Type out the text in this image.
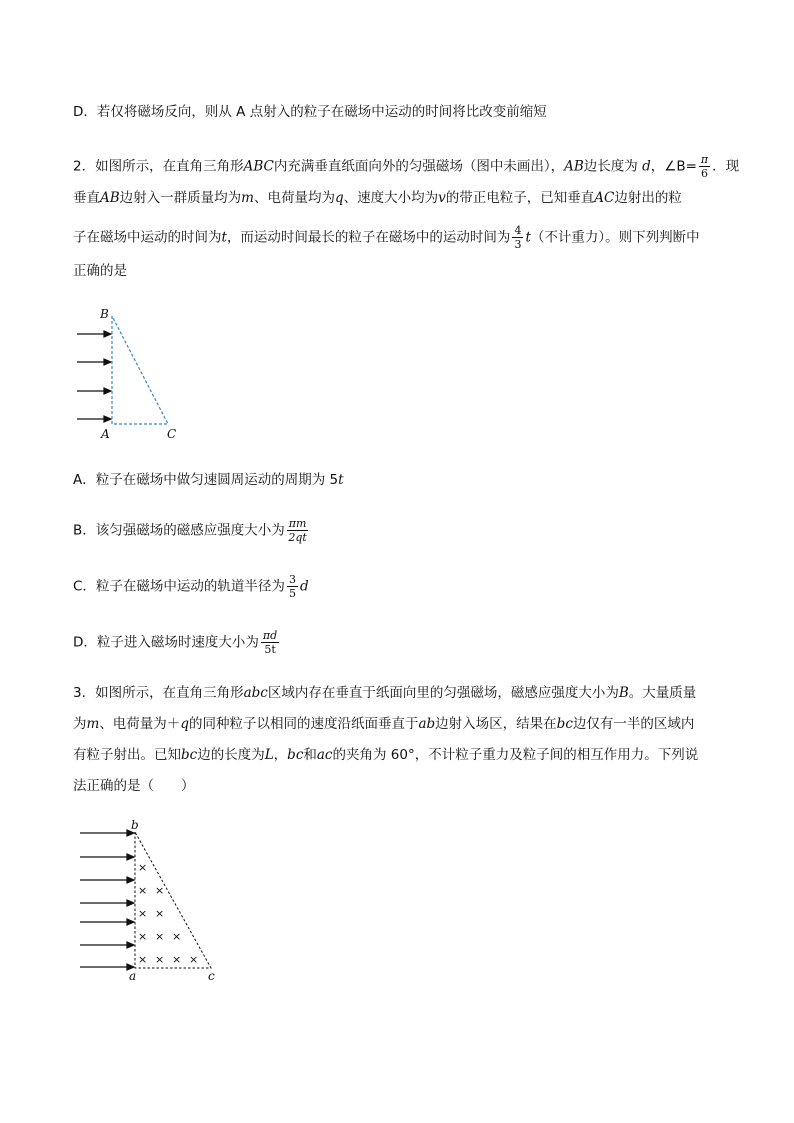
D．若仅将磁场反向，则从 A 点射入的粒子在磁场中运动的时间将比改变前缩短
2．如图所示，在直角三角形ABC内充满垂直纸面向外的匀强磁场（图中未画出），AB边长度为 d，∠B= $\frac{\pi}{6}$ ．现
垂直AB边射入一群质量均为m、电荷量均为q、速度大小均为v的带正电粒子，已知垂直AC边射出的粒
子在磁场中运动的时间为t，而运动时间最长的粒子在磁场中的运动时间为 $\frac{4}{3} t$（不计重力）。则下列判断中
正确的是
B
A	C
×
× ×
× ×
× × ×
× × × ×
b
a	c
A．粒子在磁场中做匀速圆周运动的周期为 5t
B．该匀强磁场的磁感应强度大小为 $\frac{\pi m}{2qt}$
C．粒子在磁场中运动的轨道半径为 $\frac{3}{5}$ d
D．粒子进入磁场时速度大小为 $\frac{\pi d}{5t}$
3．如图所示，在直角三角形abc区域内存在垂直于纸面向里的匀强磁场，磁感应强度大小为B。大量质量
为m、电荷量为＋q的同种粒子以相同的速度沿纸面垂直于ab边射入场区，结果在bc边仅有一半的区域内
有粒子射出。已知bc边的长度为L，bc和ac的夹角为 60°，不计粒子重力及粒子间的相互作用力。下列说
法正确的是（　　）
